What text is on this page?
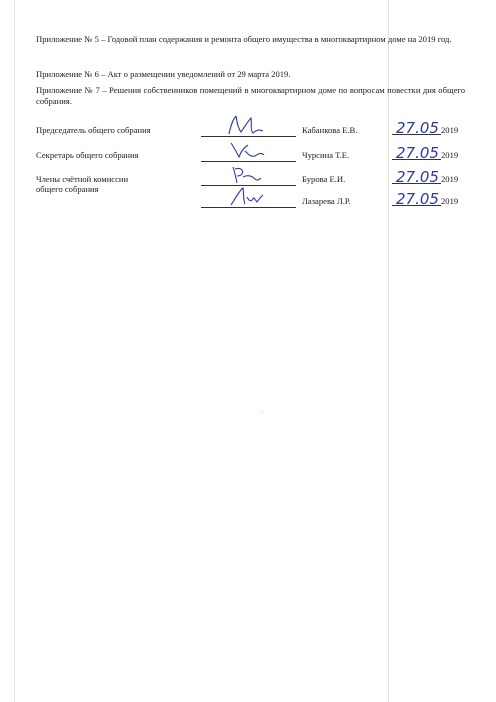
Приложение № 5 – Годовой план содержания и ремонта общего имущества в многоквартирном доме на 2019 год.

Приложение № 6 – Акт о размещении уведомлений от 29 марта 2019.

Приложение № 7 – Решения собственников помещений в многоквартирном доме по вопросам повестки дня общего собрания.

Председатель общего собрания	Кабанкова Е.В.	27.05 2019
Секретарь общего собрания	Чурсина Т.Е.	27.05 2019
Члены счётной комиссии
общего собрания
Бурова Е.И.	27.05 2019
Лазарева Л.Р.	27.05 2019
